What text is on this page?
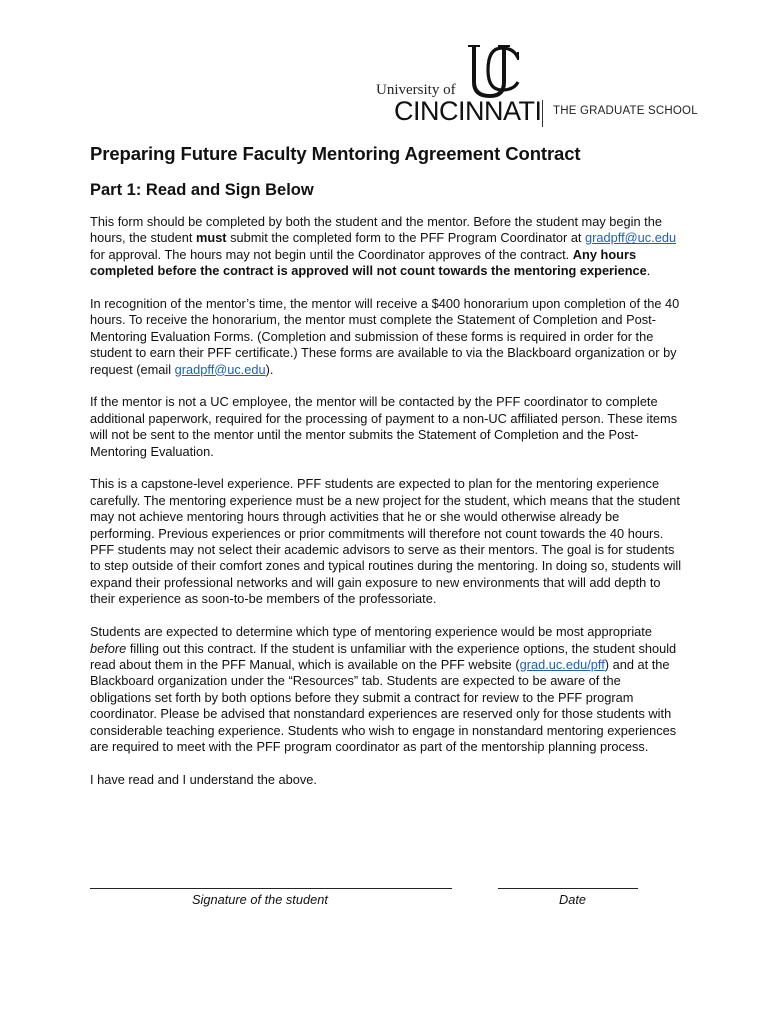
University of
CINCINNATI THE GRADUATE SCHOOL
Preparing Future Faculty Mentoring Agreement Contract
Part 1: Read and Sign Below

This form should be completed by both the student and the mentor. Before the student may begin the hours, the student must submit the completed form to the PFF Program Coordinator at gradpff@uc.edu for approval. The hours may not begin until the Coordinator approves of the contract. Any hours completed before the contract is approved will not count towards the mentoring experience.

In recognition of the mentor’s time, the mentor will receive a $400 honorarium upon completion of the 40 hours. To receive the honorarium, the mentor must complete the Statement of Completion and Post-Mentoring Evaluation Forms. (Completion and submission of these forms is required in order for the student to earn their PFF certificate.) These forms are available to via the Blackboard organization or by request (email gradpff@uc.edu).

If the mentor is not a UC employee, the mentor will be contacted by the PFF coordinator to complete additional paperwork, required for the processing of payment to a non-UC affiliated person. These items will not be sent to the mentor until the mentor submits the Statement of Completion and the Post-Mentoring Evaluation.

This is a capstone-level experience. PFF students are expected to plan for the mentoring experience carefully. The mentoring experience must be a new project for the student, which means that the student may not achieve mentoring hours through activities that he or she would otherwise already be performing. Previous experiences or prior commitments will therefore not count towards the 40 hours. PFF students may not select their academic advisors to serve as their mentors. The goal is for students to step outside of their comfort zones and typical routines during the mentoring. In doing so, students will expand their professional networks and will gain exposure to new environments that will add depth to their experience as soon-to-be members of the professoriate.

Students are expected to determine which type of mentoring experience would be most appropriate before filling out this contract. If the student is unfamiliar with the experience options, the student should read about them in the PFF Manual, which is available on the PFF website (grad.uc.edu/pff) and at the Blackboard organization under the “Resources” tab. Students are expected to be aware of the obligations set forth by both options before they submit a contract for review to the PFF program coordinator. Please be advised that nonstandard experiences are reserved only for those students with considerable teaching experience. Students who wish to engage in nonstandard mentoring experiences are required to meet with the PFF program coordinator as part of the mentorship planning process.

I have read and I understand the above.

Signature of the student	Date
